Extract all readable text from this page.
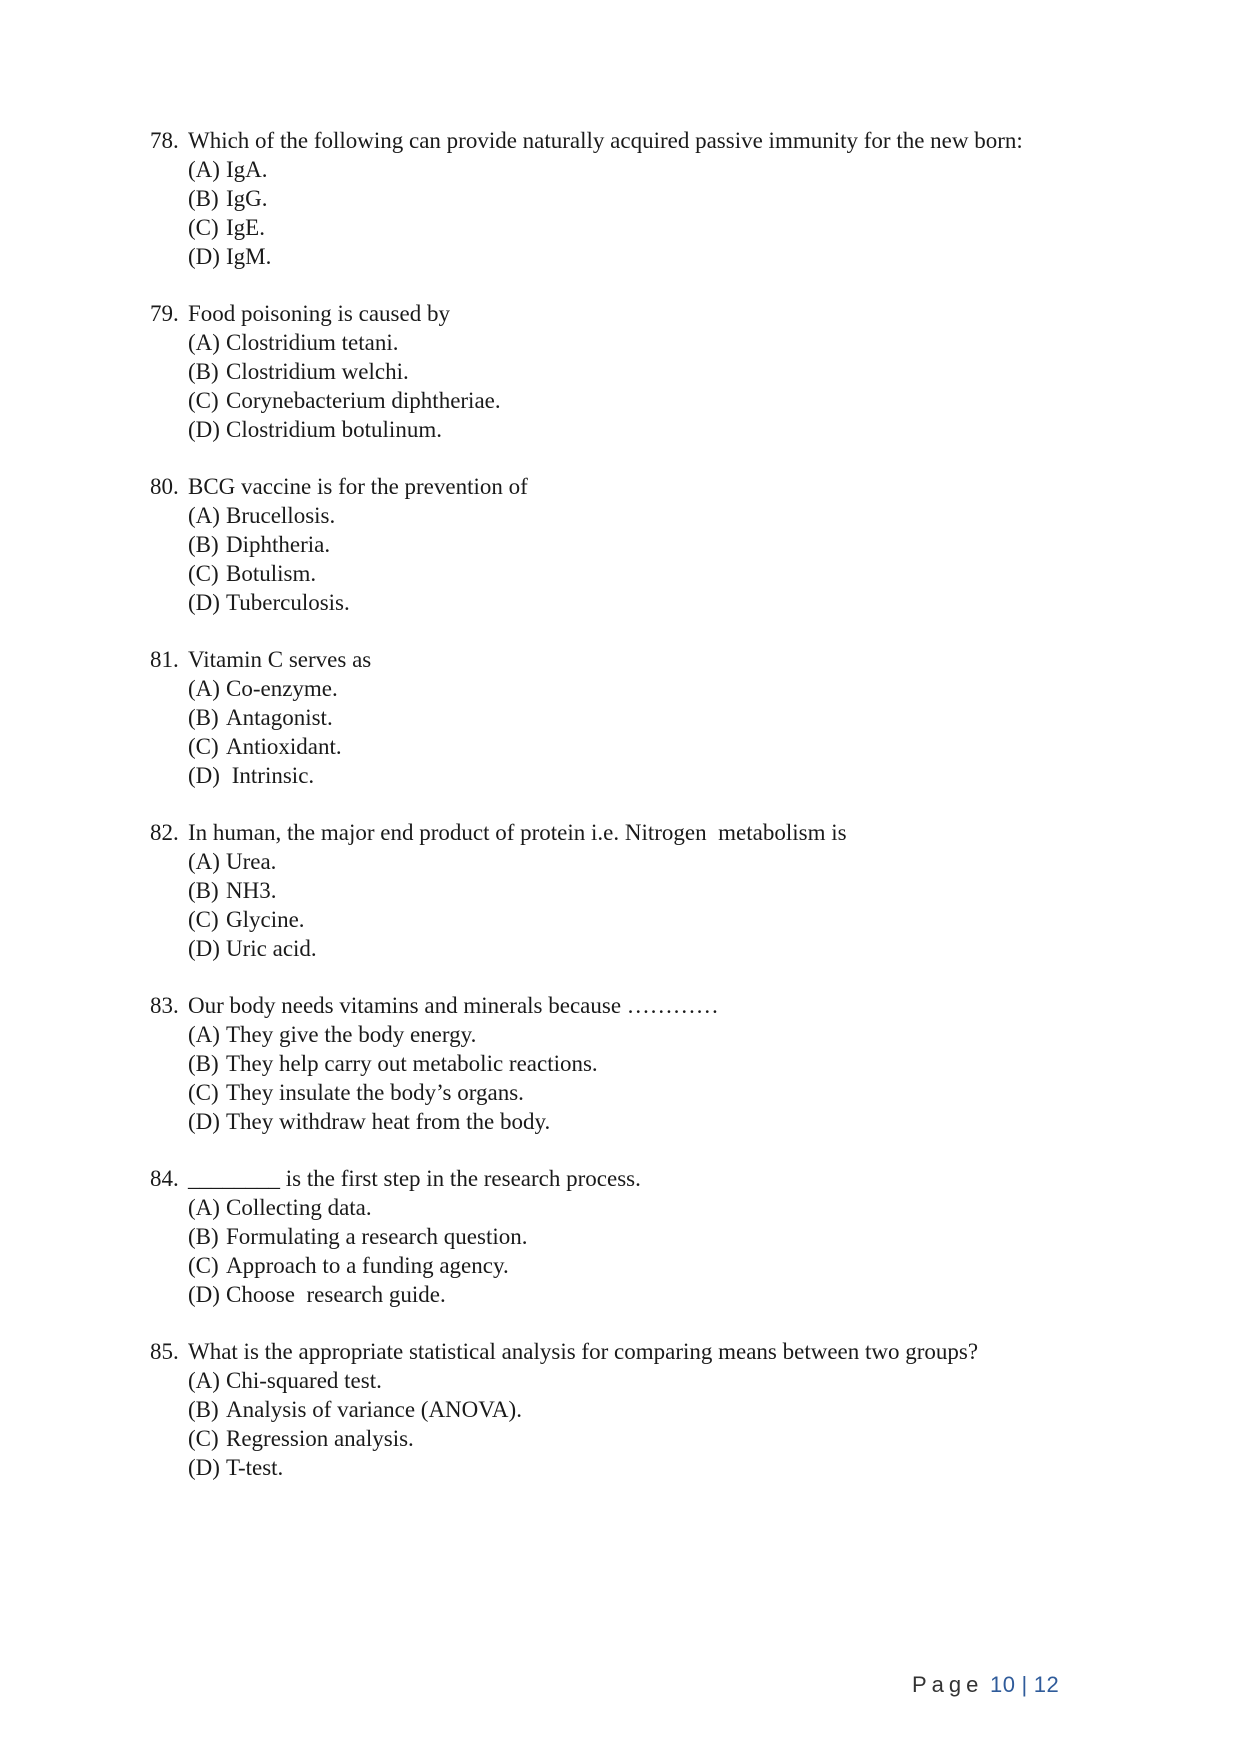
78. Which of the following can provide naturally acquired passive immunity for the new born:
(A) IgA.
(B) IgG.
(C) IgE.
(D) IgM.
79. Food poisoning is caused by
(A) Clostridium tetani.
(B) Clostridium welchi.
(C) Corynebacterium diphtheriae.
(D) Clostridium botulinum.
80. BCG vaccine is for the prevention of
(A) Brucellosis.
(B) Diphtheria.
(C) Botulism.
(D) Tuberculosis.
81. Vitamin C serves as
(A) Co-enzyme.
(B) Antagonist.
(C) Antioxidant.
(D) Intrinsic.
82. In human, the major end product of protein i.e. Nitrogen  metabolism is
(A) Urea.
(B) NH3.
(C) Glycine.
(D) Uric acid.
83. Our body needs vitamins and minerals because …………
(A) They give the body energy.
(B) They help carry out metabolic reactions.
(C) They insulate the body’s organs.
(D) They withdraw heat from the body.
84. ________ is the first step in the research process.
(A) Collecting data.
(B) Formulating a research question.
(C) Approach to a funding agency.
(D) Choose  research guide.
85. What is the appropriate statistical analysis for comparing means between two groups?
(A) Chi-squared test.
(B) Analysis of variance (ANOVA).
(C) Regression analysis.
(D) T-test.
Page 10 | 12
